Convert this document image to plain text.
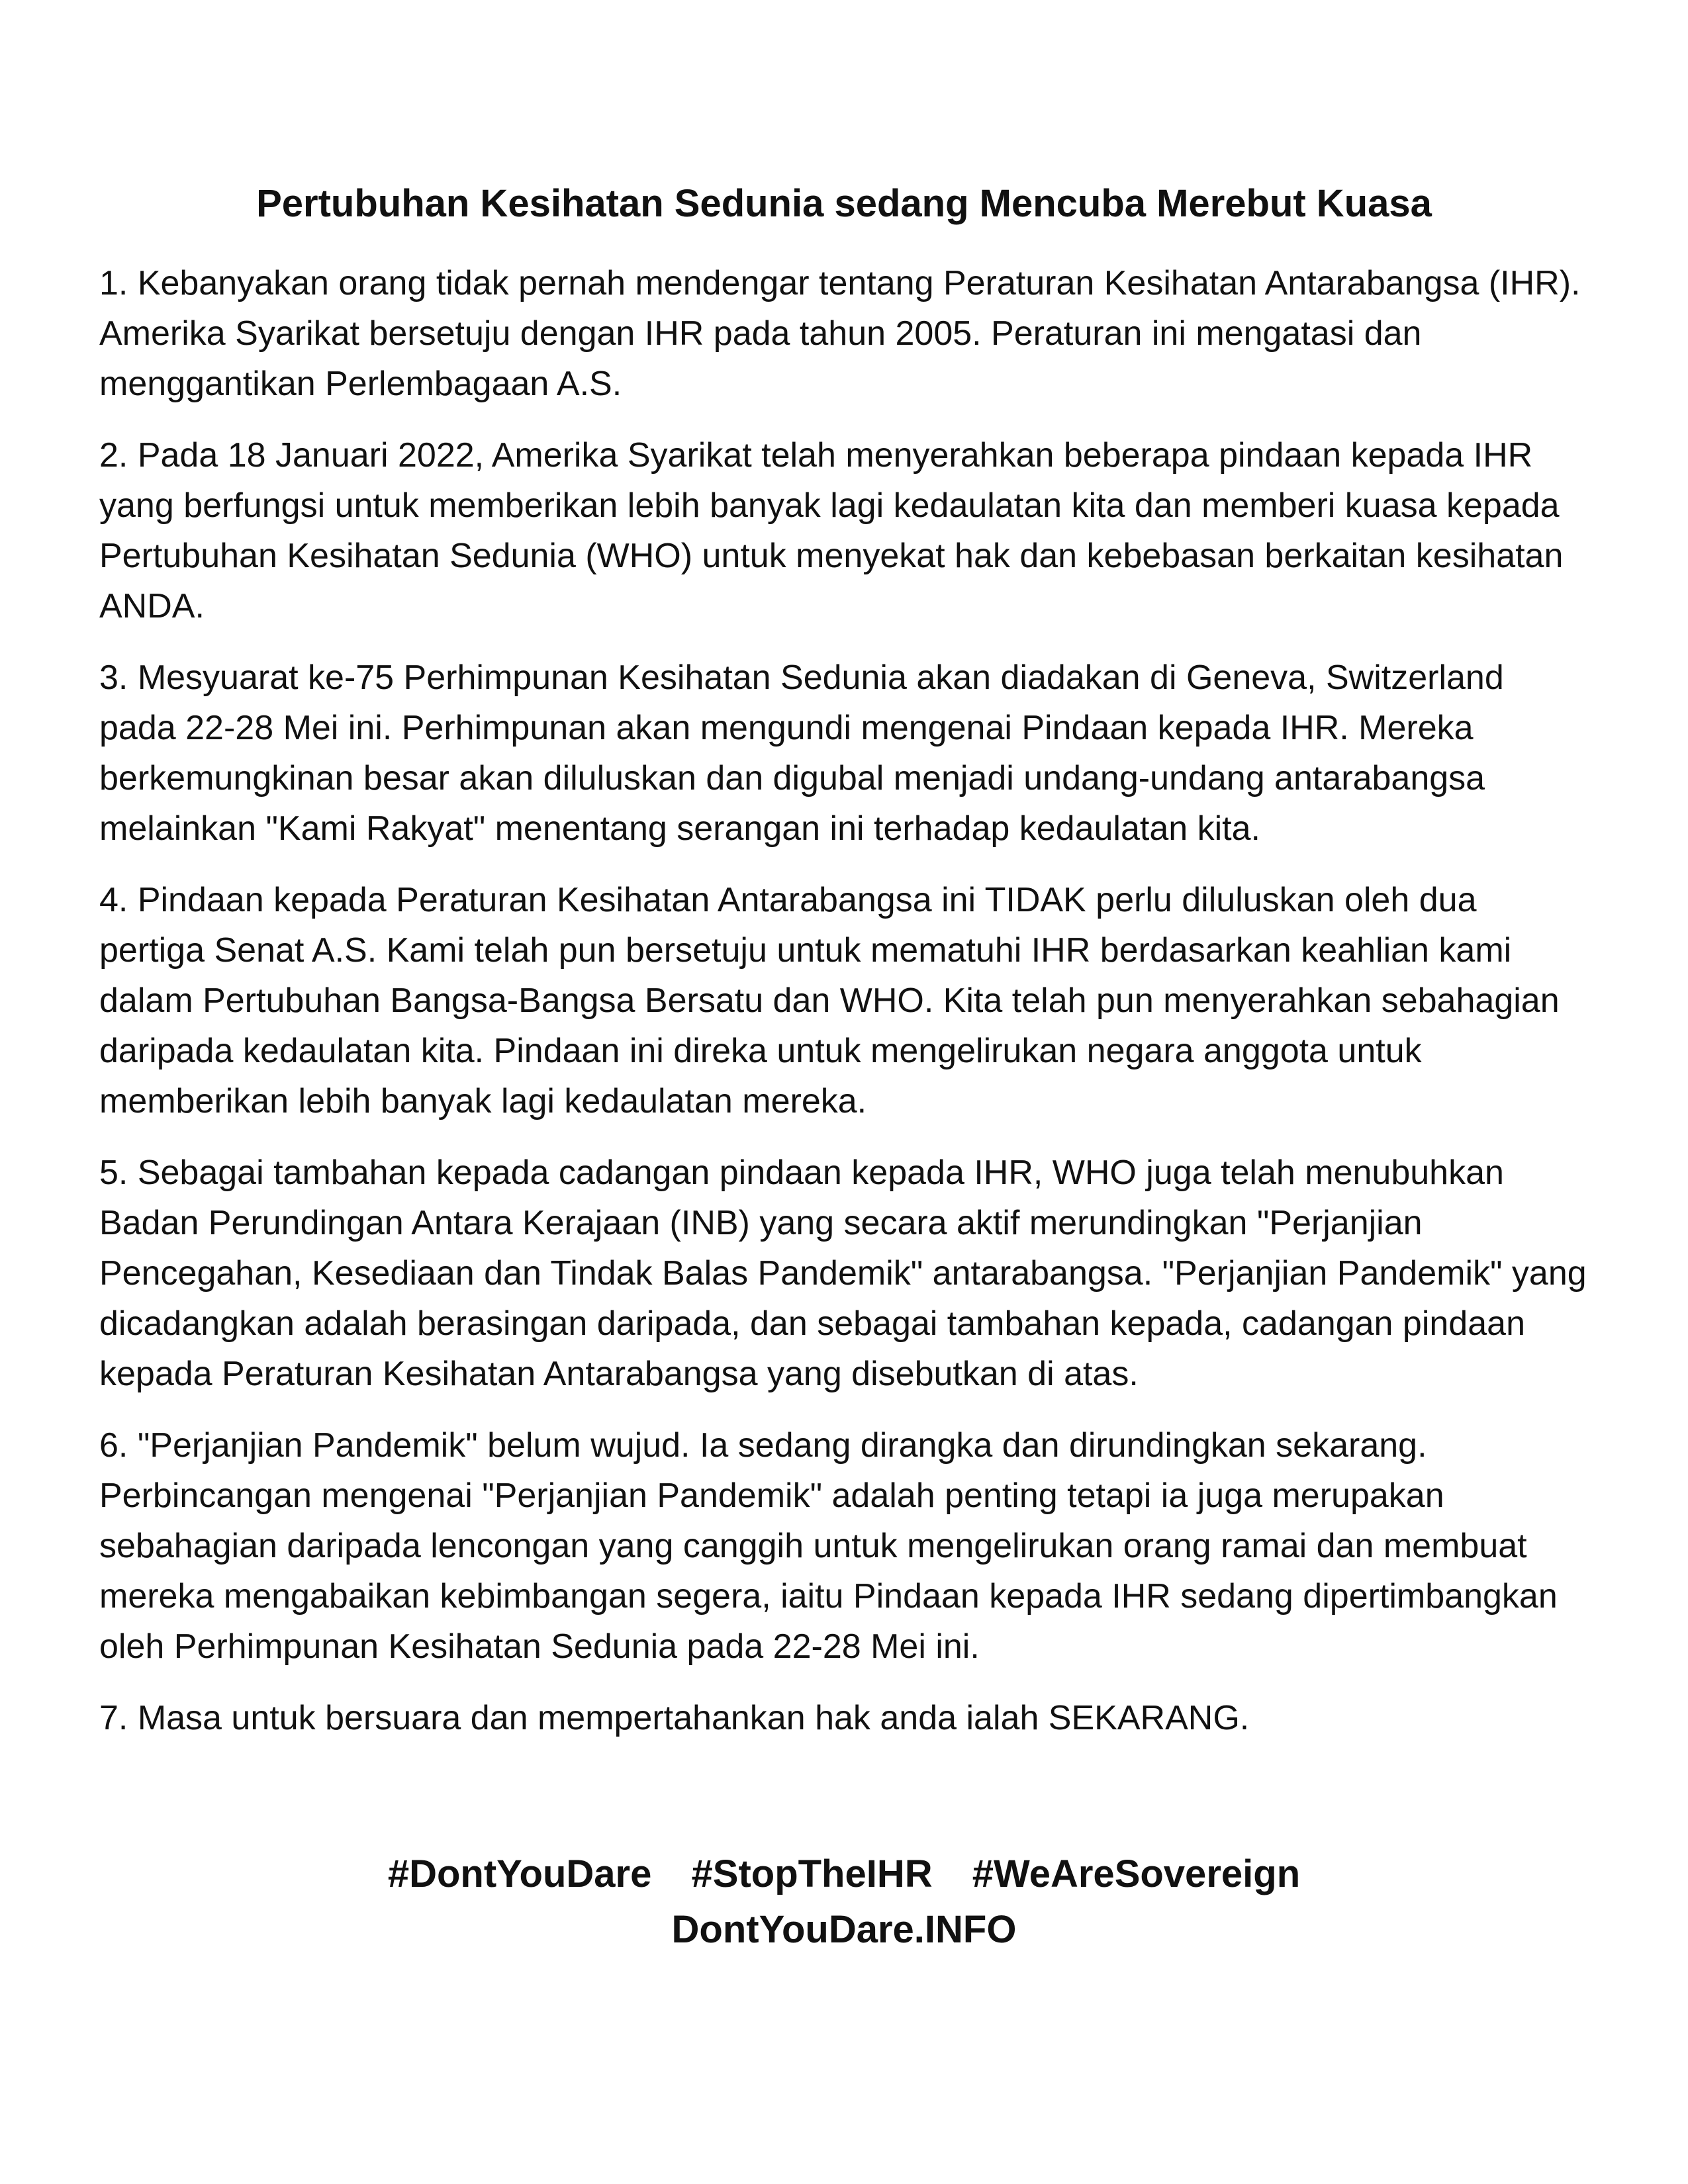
Pertubuhan Kesihatan Sedunia sedang Mencuba Merebut Kuasa

1. Kebanyakan orang tidak pernah mendengar tentang Peraturan Kesihatan Antarabangsa (IHR). Amerika Syarikat bersetuju dengan IHR pada tahun 2005. Peraturan ini mengatasi dan menggantikan Perlembagaan A.S.

2. Pada 18 Januari 2022, Amerika Syarikat telah menyerahkan beberapa pindaan kepada IHR yang berfungsi untuk memberikan lebih banyak lagi kedaulatan kita dan memberi kuasa kepada Pertubuhan Kesihatan Sedunia (WHO) untuk menyekat hak dan kebebasan berkaitan kesihatan ANDA.

3. Mesyuarat ke-75 Perhimpunan Kesihatan Sedunia akan diadakan di Geneva, Switzerland pada 22-28 Mei ini. Perhimpunan akan mengundi mengenai Pindaan kepada IHR. Mereka berkemungkinan besar akan diluluskan dan digubal menjadi undang-undang antarabangsa melainkan "Kami Rakyat" menentang serangan ini terhadap kedaulatan kita.

4. Pindaan kepada Peraturan Kesihatan Antarabangsa ini TIDAK perlu diluluskan oleh dua pertiga Senat A.S. Kami telah pun bersetuju untuk mematuhi IHR berdasarkan keahlian kami dalam Pertubuhan Bangsa-Bangsa Bersatu dan WHO. Kita telah pun menyerahkan sebahagian daripada kedaulatan kita. Pindaan ini direka untuk mengelirukan negara anggota untuk memberikan lebih banyak lagi kedaulatan mereka.

5. Sebagai tambahan kepada cadangan pindaan kepada IHR, WHO juga telah menubuhkan Badan Perundingan Antara Kerajaan (INB) yang secara aktif merundingkan "Perjanjian Pencegahan, Kesediaan dan Tindak Balas Pandemik" antarabangsa. "Perjanjian Pandemik" yang dicadangkan adalah berasingan daripada, dan sebagai tambahan kepada, cadangan pindaan kepada Peraturan Kesihatan Antarabangsa yang disebutkan di atas.

6. "Perjanjian Pandemik" belum wujud. Ia sedang dirangka dan dirundingkan sekarang. Perbincangan mengenai "Perjanjian Pandemik" adalah penting tetapi ia juga merupakan sebahagian daripada lencongan yang canggih untuk mengelirukan orang ramai dan membuat mereka mengabaikan kebimbangan segera, iaitu Pindaan kepada IHR sedang dipertimbangkan oleh Perhimpunan Kesihatan Sedunia pada 22-28 Mei ini.

7. Masa untuk bersuara dan mempertahankan hak anda ialah SEKARANG.

#DontYouDare #StopTheIHR #WeAreSovereign
DontYouDare.INFO
